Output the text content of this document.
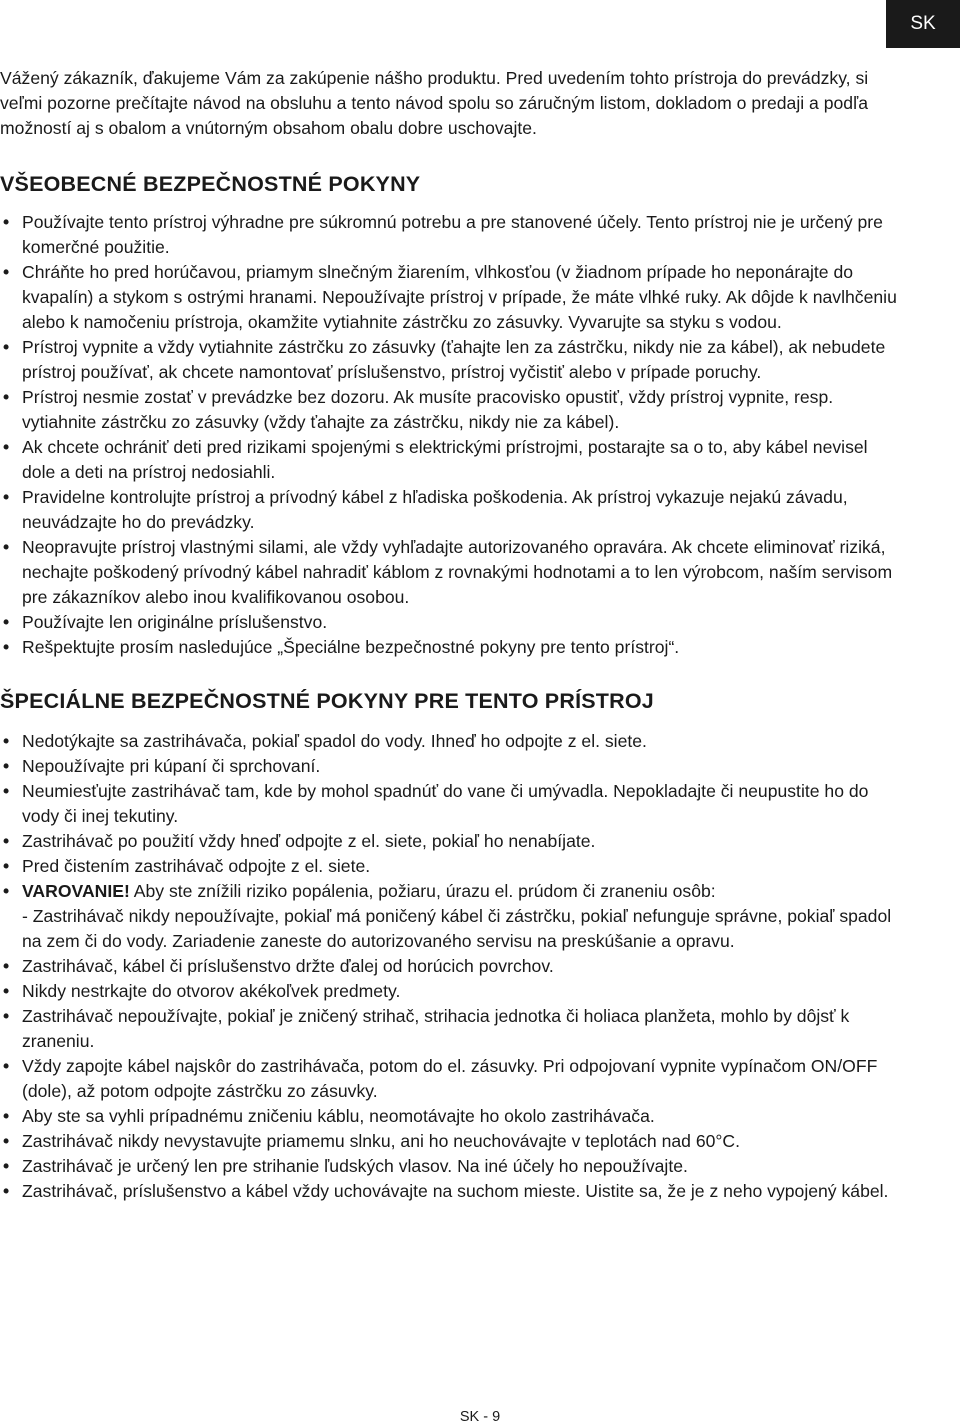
SK

Vážený zákazník, ďakujeme Vám za zakúpenie nášho produktu. Pred uvedením tohto prístroja do prevádzky, si veľmi pozorne prečítajte návod na obsluhu a tento návod spolu so záručným listom, dokladom o predaji a podľa možností aj s obalom a vnútorným obsahom obalu dobre uschovajte.

VŠEOBECNÉ BEZPEČNOSTNÉ POKYNY
• Používajte tento prístroj výhradne pre súkromnú potrebu a pre stanovené účely. Tento prístroj nie je určený pre komerčné použitie.
• Chráňte ho pred horúčavou, priamym slnečným žiarením, vlhkosťou (v žiadnom prípade ho neponárajte do kvapalín) a stykom s ostrými hranami. Nepoužívajte prístroj v prípade, že máte vlhké ruky. Ak dôjde k navlhčeniu alebo k namočeniu prístroja, okamžite vytiahnite zástrčku zo zásuvky. Vyvarujte sa styku s vodou.
• Prístroj vypnite a vždy vytiahnite zástrčku zo zásuvky (ťahajte len za zástrčku, nikdy nie za kábel), ak nebudete prístroj používať, ak chcete namontovať príslušenstvo, prístroj vyčistiť alebo v prípade poruchy.
• Prístroj nesmie zostať v prevádzke bez dozoru. Ak musíte pracovisko opustiť, vždy prístroj vypnite, resp. vytiahnite zástrčku zo zásuvky (vždy ťahajte za zástrčku, nikdy nie za kábel).
• Ak chcete ochrániť deti pred rizikami spojenými s elektrickými prístrojmi, postarajte sa o to, aby kábel nevisel dole a deti na prístroj nedosiahli.
• Pravidelne kontrolujte prístroj a prívodný kábel z hľadiska poškodenia. Ak prístroj vykazuje nejakú závadu, neuvádzajte ho do prevádzky.
• Neopravujte prístroj vlastnými silami, ale vždy vyhľadajte autorizovaného opravára. Ak chcete eliminovať riziká, nechajte poškodený prívodný kábel nahradiť káblom z rovnakými hodnotami a to len výrobcom, naším servisom pre zákazníkov alebo inou kvalifikovanou osobou.
• Používajte len originálne príslušenstvo.
• Rešpektujte prosím nasledujúce „Špeciálne bezpečnostné pokyny pre tento prístroj“.
ŠPECIÁLNE BEZPEČNOSTNÉ POKYNY PRE TENTO PRÍSTROJ
• Nedotýkajte sa zastrihávača, pokiaľ spadol do vody. Ihneď ho odpojte z el. siete.
• Nepoužívajte pri kúpaní či sprchovaní.
• Neumiesťujte zastrihávač tam, kde by mohol spadnúť do vane či umývadla. Nepokladajte či neupustite ho do vody či inej tekutiny.
• Zastrihávač po použití vždy hneď odpojte z el. siete, pokiaľ ho nenabíjate.
• Pred čistením zastrihávač odpojte z el. siete.
• VAROVANIE! Aby ste znížili riziko popálenia, požiaru, úrazu el. prúdom či zraneniu osôb:
- Zastrihávač nikdy nepoužívajte, pokiaľ má poničený kábel či zástrčku, pokiaľ nefunguje správne, pokiaľ spadol na zem či do vody. Zariadenie zaneste do autorizovaného servisu na preskúšanie a opravu.
• Zastrihávač, kábel či príslušenstvo držte ďalej od horúcich povrchov.
• Nikdy nestrkajte do otvorov akékoľvek predmety.
• Zastrihávač nepoužívajte, pokiaľ je zničený strihač, strihacia jednotka či holiaca planžeta, mohlo by dôjsť k zraneniu.
• Vždy zapojte kábel najskôr do zastrihávača, potom do el. zásuvky. Pri odpojovaní vypnite vypínačom ON/OFF (dole), až potom odpojte zástrčku zo zásuvky.
• Aby ste sa vyhli prípadnému zničeniu káblu, neomotávajte ho okolo zastrihávača.
• Zastrihávač nikdy nevystavujte priamemu slnku, ani ho neuchovávajte v teplotách nad 60°C.
• Zastrihávač je určený len pre strihanie ľudských vlasov. Na iné účely ho nepoužívajte.
• Zastrihávač, príslušenstvo a kábel vždy uchovávajte na suchom mieste. Uistite sa, že je z neho vypojený kábel.
SK - 9
